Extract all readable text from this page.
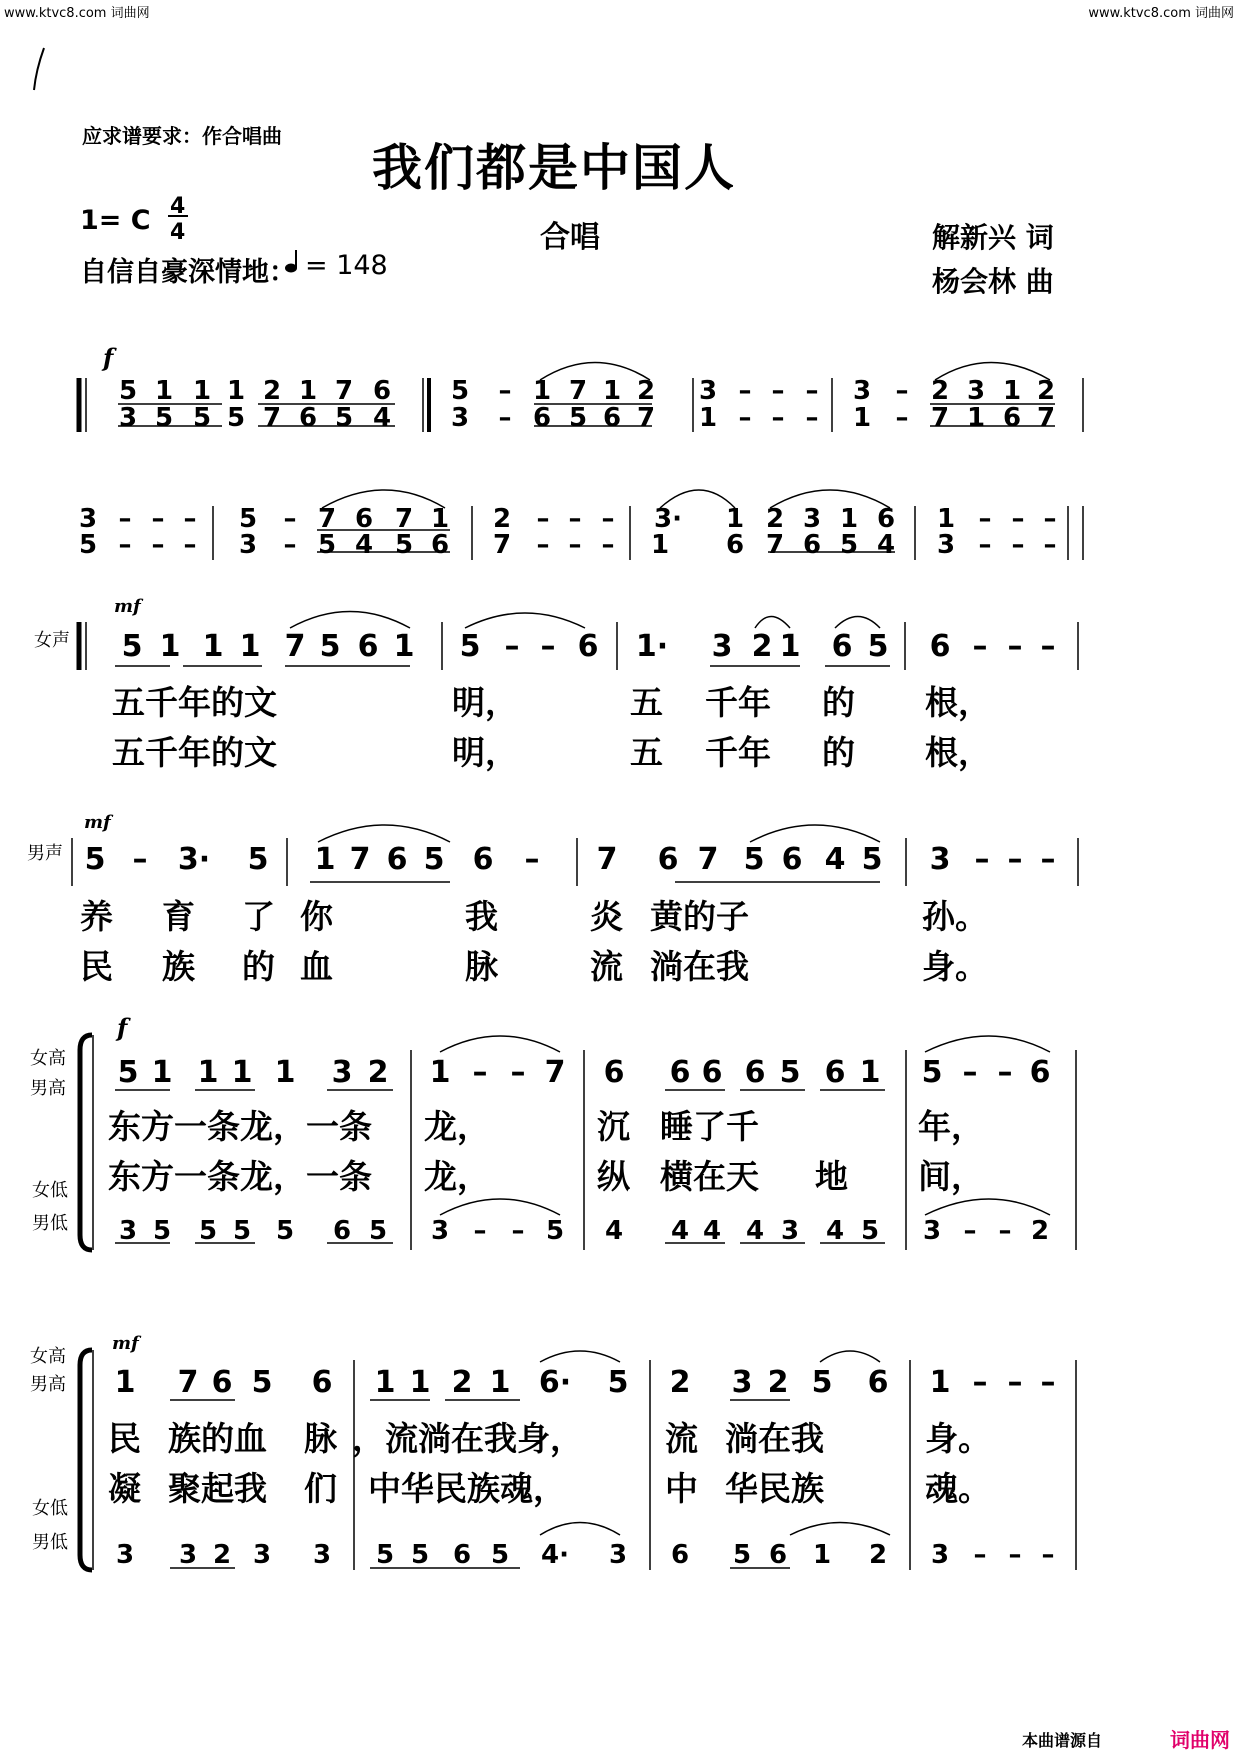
www.ktvc8.com 词曲网	www.ktvc8.com 词曲网
应求谱要求：作合唱曲
我们都是中国人
1= C 4
4	合唱
自信自豪深情地： = 148
解新兴 词
杨会林 曲
f
mf
mf
f
mf
女声
男声
女高
男高
女低
男低
女高
男高
女低
男低
5 1 1 1 2 1 7 6 5 – 1 7 1 2 3 – – – 3 – 2 3 1 2
3 5 5 5 7 6 5 4 3 – 6 5 6 7 1 – – – 1 – 7 1 6 7
3 – – – 5 – 7 6 7 1 2 – – – 3· 1 2 3 1 6 1 – – –
5 – – – 3 – 5 4 5 6 7 – – – 1 6 7 6 5 4 3 – – –
5 1 1 1 7 5 6 1 5 – – 6 1· 3 2 1 6 5 6 – – –
五千年的文	明，	五 千年 的 根，
五千年的文	明，	五 千年 的 根，
5 – 3· 5 1 7 6 5 6 – 7 6 7 5 6 4 5 3 – – –
养 育 了 你	我	炎 黄的子	孙。
民 族 的 血	脉	流 淌在我	身。
5 1 1 1 1 3 2 1 – – 7 6 6 6 6 5 6 1 5 – – 6
东方一条龙，一条 龙，	沉 睡了千	年，
东方一条龙，一条 龙，	纵 横在天 地 间，
3 5 5 5 5 6 5 3 – – 5 4 4 4 4 3 4 5 3 – – 2
1 7 6 5 6 1 1 2 1 6· 5 2 3 2 5 6 1 – – –
民 族的血 脉 ，流淌在我身， 流 淌在我	身。
凝 聚起我 们 中华民族魂，	中 华民族	魂。
3 3 2 3 3 5 5 6 5 4· 3 6 5 6 1 2 3 – – –
本曲谱源自	词曲网
